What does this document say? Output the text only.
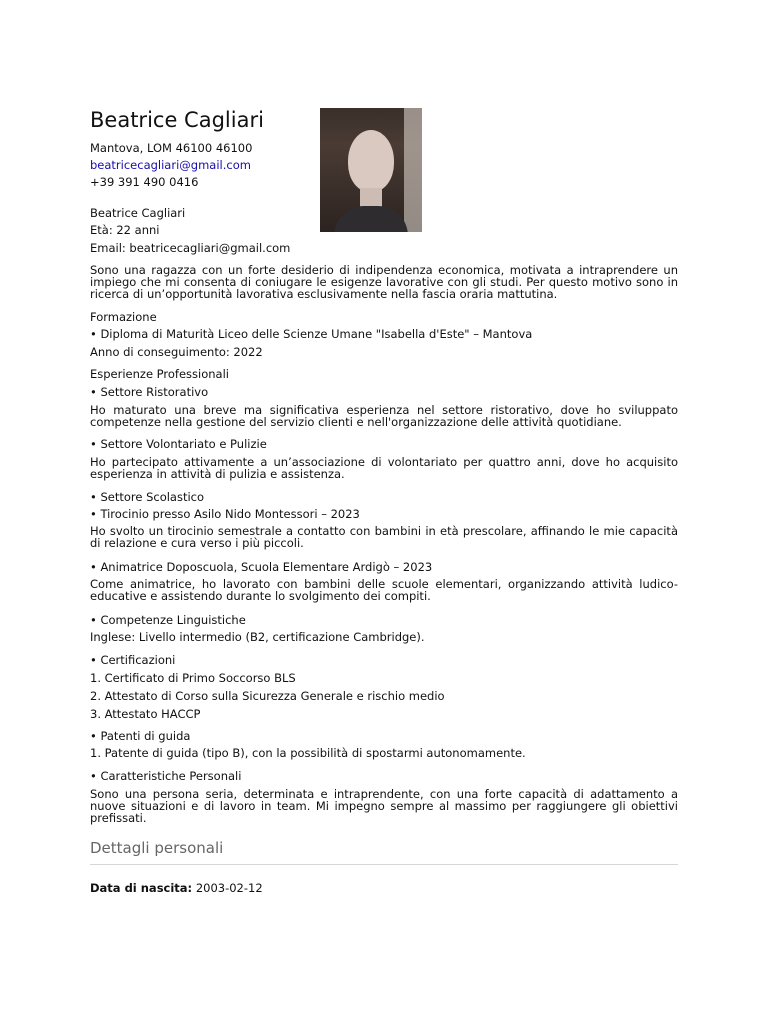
Beatrice Cagliari
Mantova, LOM 46100 46100
beatricecagliari@gmail.com
+39 391 490 0416
Beatrice Cagliari
Età: 22 anni
Email: beatricecagliari@gmail.com
Sono una ragazza con un forte desiderio di indipendenza economica, motivata a intraprendere un impiego che mi consenta di coniugare le esigenze lavorative con gli studi. Per questo motivo sono in ricerca di un’opportunità lavorativa esclusivamente nella fascia oraria mattutina.
Formazione
• Diploma di Maturità Liceo delle Scienze Umane "Isabella d'Este" – Mantova
Anno di conseguimento: 2022
Esperienze Professionali
• Settore Ristorativo
Ho maturato una breve ma significativa esperienza nel settore ristorativo, dove ho sviluppato competenze nella gestione del servizio clienti e nell'organizzazione delle attività quotidiane.
• Settore Volontariato e Pulizie
Ho partecipato attivamente a un’associazione di volontariato per quattro anni, dove ho acquisito esperienza in attività di pulizia e assistenza.
• Settore Scolastico
• Tirocinio presso Asilo Nido Montessori – 2023
Ho svolto un tirocinio semestrale a contatto con bambini in età prescolare, affinando le mie capacità di relazione e cura verso i più piccoli.
• Animatrice Doposcuola, Scuola Elementare Ardigò – 2023
Come animatrice, ho lavorato con bambini delle scuole elementari, organizzando attività ludico-educative e assistendo durante lo svolgimento dei compiti.
• Competenze Linguistiche
Inglese: Livello intermedio (B2, certificazione Cambridge).
• Certificazioni
1. Certificato di Primo Soccorso BLS
2. Attestato di Corso sulla Sicurezza Generale e rischio medio
3. Attestato HACCP
• Patenti di guida
1. Patente di guida (tipo B), con la possibilità di spostarmi autonomamente.
• Caratteristiche Personali
Sono una persona seria, determinata e intraprendente, con una forte capacità di adattamento a nuove situazioni e di lavoro in team. Mi impegno sempre al massimo per raggiungere gli obiettivi prefissati.
Dettagli personali
Data di nascita: 2003-02-12
